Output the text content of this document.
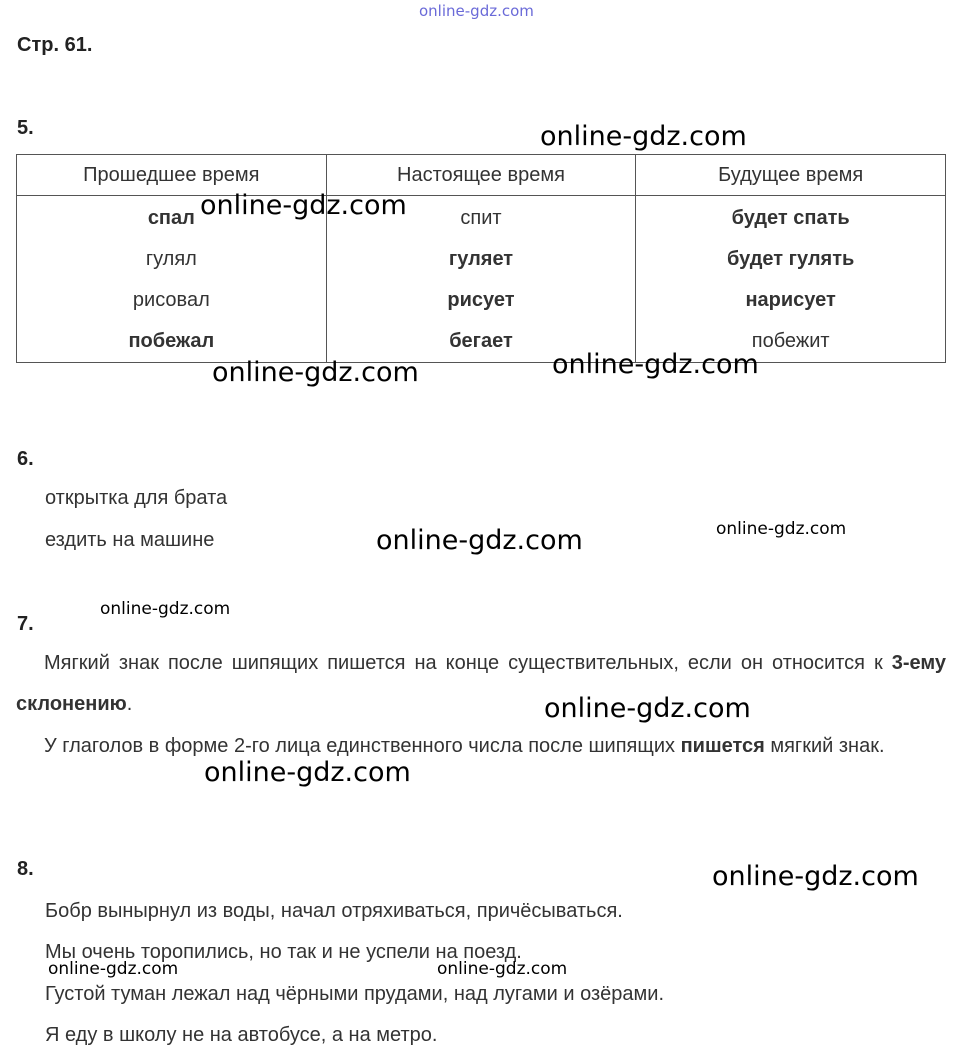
online-gdz.com
Стр. 61.
5.
Прошедшее время	Настоящее время	Будущее время
спал	спит	будет спать
гулял	гуляет	будет гулять
рисовал	рисует	нарисует
побежал	бегает	побежит
6.
открытка для брата
ездить на машине
7.
Мягкий знак после шипящих пишется на конце существительных, если он относится к 3-ему склонению.
У глаголов в форме 2-го лица единственного числа после шипящих пишется мягкий знак.
8.
Бобр вынырнул из воды, начал отряхиваться, причёсываться.
Мы очень торопились, но так и не успели на поезд.
Густой туман лежал над чёрными прудами, над лугами и озёрами.
Я еду в школу не на автобусе, а на метро.
online-gdz.com
online-gdz.com
online-gdz.com
online-gdz.com
online-gdz.com
online-gdz.com
online-gdz.com
online-gdz.com
online-gdz.com
online-gdz.com
online-gdz.com	online-gdz.com
